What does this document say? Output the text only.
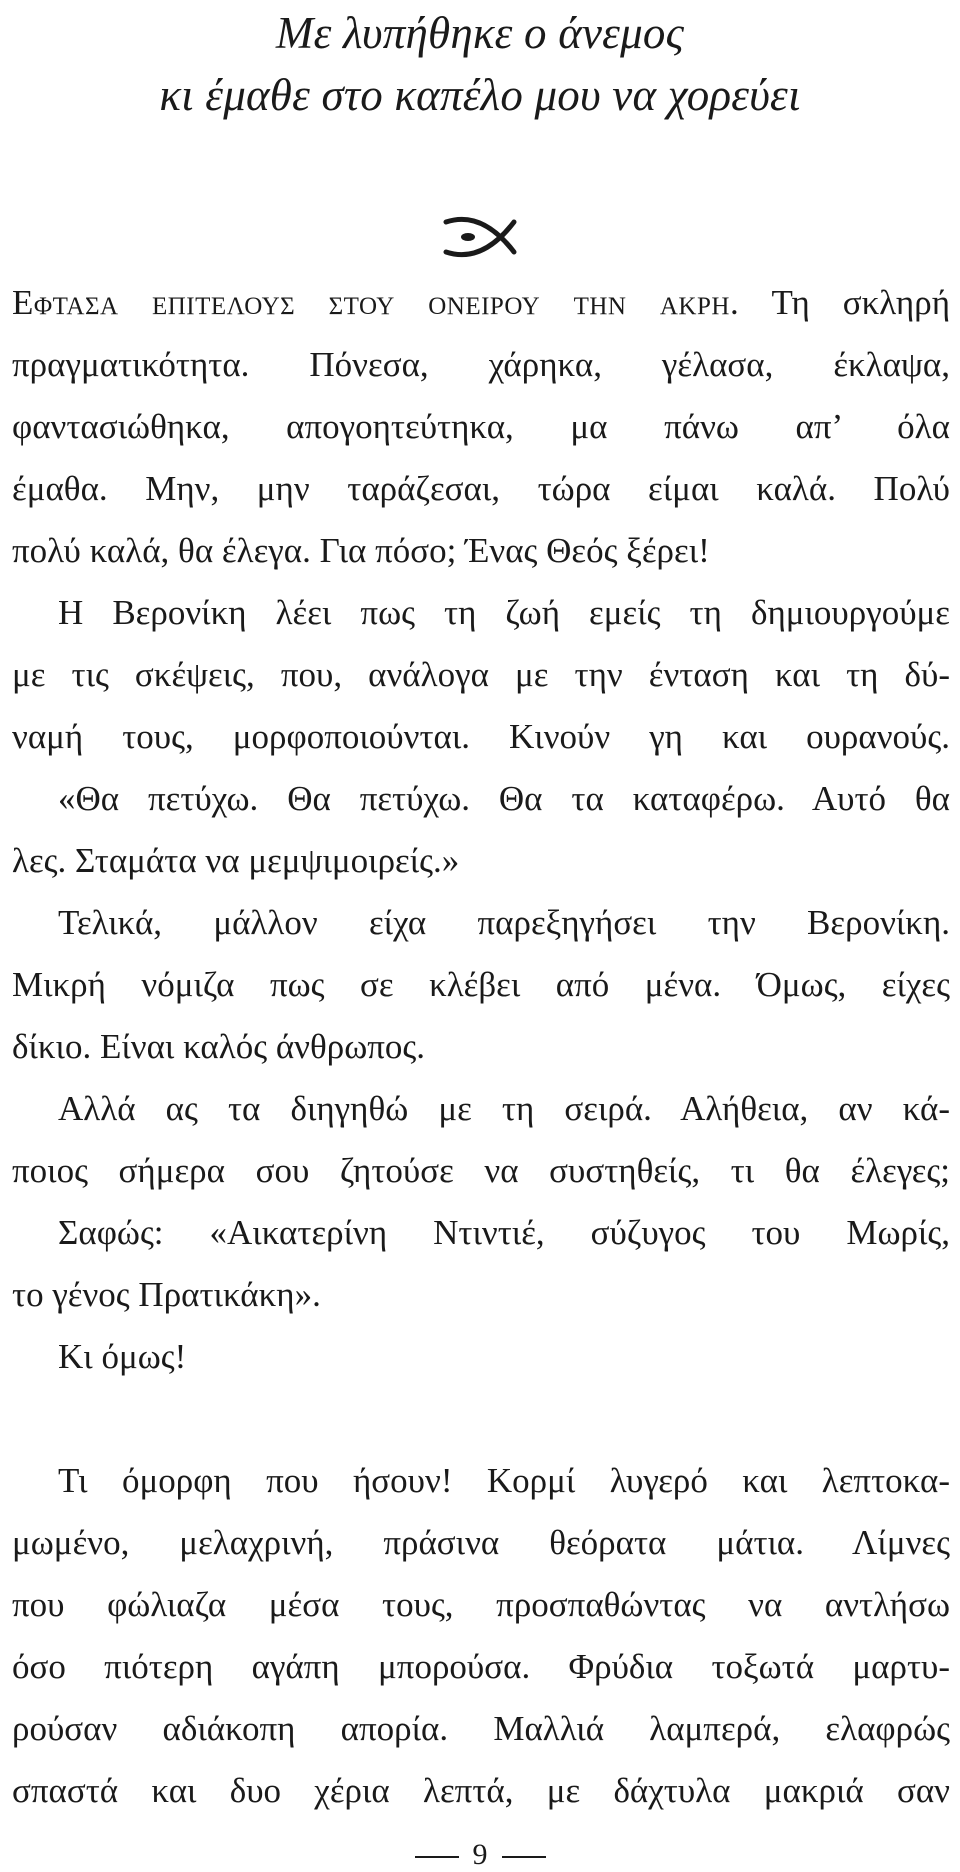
Με λυπήθηκε ο άνεμος
κι έμαθε στο καπέλο μου να χορεύει
Εφτασα επιτελους στου ονειρου την ακρη. Τη σκληρή
πραγματικότητα. Πόνεσα, χάρηκα, γέλασα, έκλαψα,
φαντασιώθηκα, απογοητεύτηκα, μα πάνω απ’ όλα
έμαθα. Μην, μην ταράζεσαι, τώρα είμαι καλά. Πολύ
πολύ καλά, θα έλεγα. Για πόσο; Ένας Θεός ξέρει!
Η Βερονίκη λέει πως τη ζωή εμείς τη δημιουργούμε
με τις σκέψεις, που, ανάλογα με την ένταση και τη δύ-
ναμή τους, μορφοποιούνται. Κινούν γη και ουρανούς.
«Θα πετύχω. Θα πετύχω. Θα τα καταφέρω. Αυτό θα
λες. Σταμάτα να μεμψιμοιρείς.»
Τελικά, μάλλον είχα παρεξηγήσει την Βερονίκη.
Μικρή νόμιζα πως σε κλέβει από μένα. Όμως, είχες
δίκιο. Είναι καλός άνθρωπος.
Αλλά ας τα διηγηθώ με τη σειρά. Αλήθεια, αν κά-
ποιος σήμερα σου ζητούσε να συστηθείς, τι θα έλεγες;
Σαφώς: «Αικατερίνη Ντιντιέ, σύζυγος του Μωρίς,
το γένος Πρατικάκη».
Κι όμως!
Τι όμορφη που ήσουν! Κορμί λυγερό και λεπτοκα-
μωμένο, μελαχρινή, πράσινα θεόρατα μάτια. Λίμνες
που φώλιαζα μέσα τους, προσπαθώντας να αντλήσω
όσο πιότερη αγάπη μπορούσα. Φρύδια τοξωτά μαρτυ-
ρούσαν αδιάκοπη απορία. Μαλλιά λαμπερά, ελαφρώς
σπαστά και δυο χέρια λεπτά, με δάχτυλα μακριά σαν
9
